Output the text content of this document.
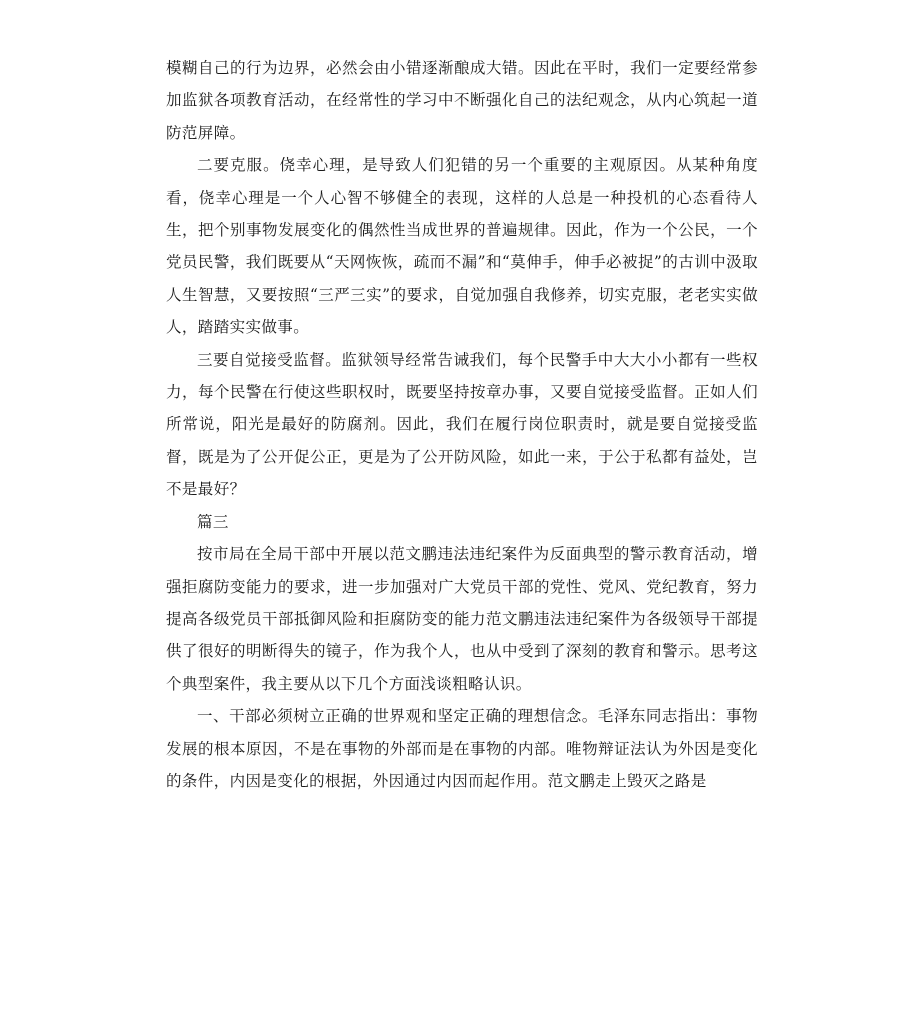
模糊自己的行为边界，必然会由小错逐渐酿成大错。因此在平时，我们一定要经常参加监狱各项教育活动，在经常性的学习中不断强化自己的法纪观念，从内心筑起一道防范屏障。

二要克服。侥幸心理，是导致人们犯错的另一个重要的主观原因。从某种角度看，侥幸心理是一个人心智不够健全的表现，这样的人总是一种投机的心态看待人生，把个别事物发展变化的偶然性当成世界的普遍规律。因此，作为一个公民，一个党员民警，我们既要从“天网恢恢，疏而不漏”和“莫伸手，伸手必被捉”的古训中汲取人生智慧，又要按照“三严三实”的要求，自觉加强自我修养，切实克服，老老实实做人，踏踏实实做事。

三要自觉接受监督。监狱领导经常告诫我们，每个民警手中大大小小都有一些权力，每个民警在行使这些职权时，既要坚持按章办事，又要自觉接受监督。正如人们所常说，阳光是最好的防腐剂。因此，我们在履行岗位职责时，就是要自觉接受监督，既是为了公开促公正，更是为了公开防风险，如此一来，于公于私都有益处，岂不是最好？

篇三

按市局在全局干部中开展以范文鹏违法违纪案件为反面典型的警示教育活动，增强拒腐防变能力的要求，进一步加强对广大党员干部的党性、党风、党纪教育，努力提高各级党员干部抵御风险和拒腐防变的能力范文鹏违法违纪案件为各级领导干部提供了很好的明断得失的镜子，作为我个人，也从中受到了深刻的教育和警示。思考这个典型案件，我主要从以下几个方面浅谈粗略认识。

一、干部必须树立正确的世界观和坚定正确的理想信念。毛泽东同志指出：事物发展的根本原因，不是在事物的外部而是在事物的内部。唯物辩证法认为外因是变化的条件，内因是变化的根据，外因通过内因而起作用。范文鹏走上毁灭之路是
